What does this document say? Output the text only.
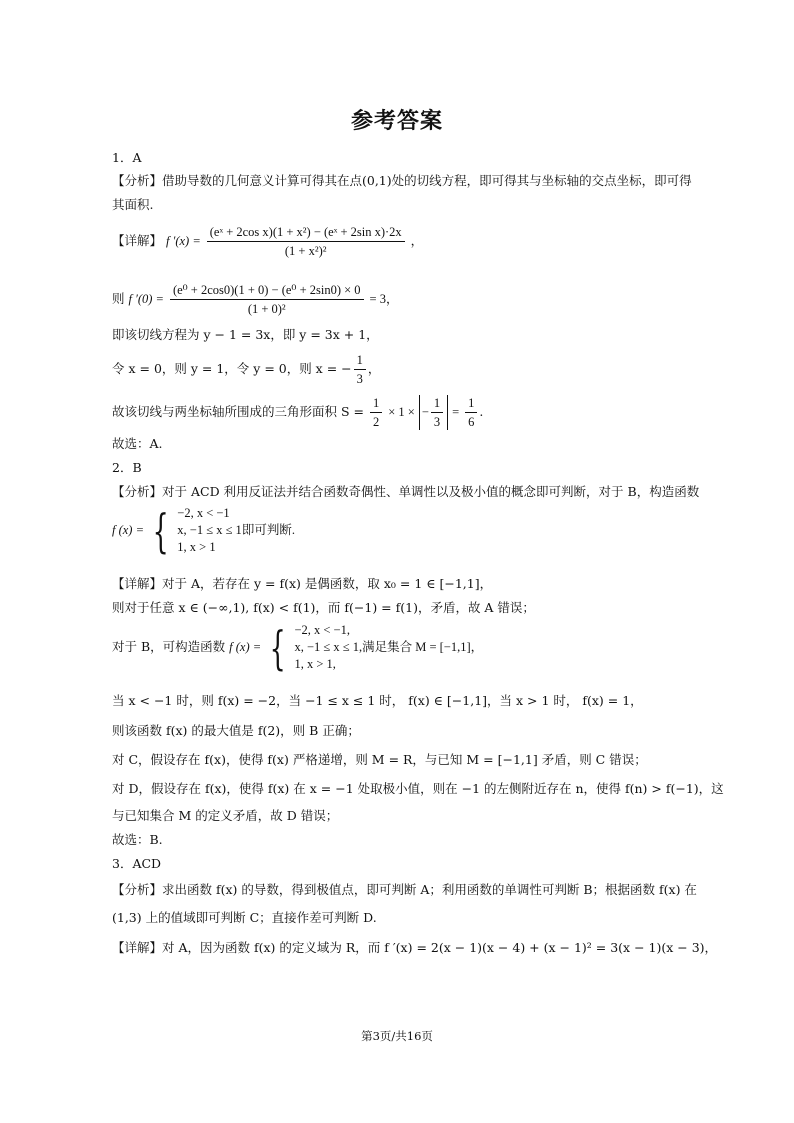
参考答案
1．A
【分析】借助导数的几何意义计算可得其在点(0,1)处的切线方程，即可得其与坐标轴的交点坐标，即可得
其面积.
【详解】 f $'(x) = \frac{\text{(eˣ + 2cos x)(1 + x²) − (eˣ + 2sin x)·2x}}{\text{(1 + x²)²}}$ ，
则 f $'(0) = \frac{\text{(e⁰ + 2cos0)(1 + 0) − (e⁰ + 2sin0) × 0}}{\text{(1 + 0)²}} = 3$，
即该切线方程为 y − 1 = 3x，即 y = 3x + 1，
令 x = 0，则 y = 1，令 y = 0，则 x = − $\frac{1}{3}$ ，
故该切线与两坐标轴所围成的三角形面积 $S = \frac{1}{2} \times 1$ × − $\frac{1}{3} = \frac{1}{6}$ .
故选：A.
2．B
【分析】对于 ACD 利用反证法并结合函数奇偶性、单调性以及极小值的概念即可判断，对于 B，构造函数
f (x) = { −2, x < −1
x, −1 ≤ x ≤ 1即可判断.
1, x > 1
【详解】对于 A，若存在 y = f(x) 是偶函数，取 x₀ = 1 ∈ [−1,1]，
则对于任意 x ∈ (−∞,1), f(x) < f(1)，而 f(−1) = f(1)，矛盾，故 A 错误；
对于 B，可构造函数 f (x) = { −2, x < −1,
x, −1 ≤ x ≤ 1,满足集合 M = [−1,1]，
1, x > 1,
当 x < −1 时，则 f(x) = −2，当 −1 ≤ x ≤ 1 时， f(x) ∈ [−1,1]，当 x > 1 时， f(x) = 1，
则该函数 f(x) 的最大值是 f(2)，则 B 正确；
对 C，假设存在 f(x)，使得 f(x) 严格递增，则 M = R，与已知 M = [−1,1] 矛盾，则 C 错误；
对 D，假设存在 f(x)，使得 f(x) 在 x = −1 处取极小值，则在 −1 的左侧附近存在 n，使得 f(n) > f(−1)，这
与已知集合 M 的定义矛盾，故 D 错误；
故选：B.
3．ACD
【分析】求出函数 f(x) 的导数，得到极值点，即可判断 A；利用函数的单调性可判断 B；根据函数 f(x) 在
(1,3) 上的值域即可判断 C；直接作差可判断 D.
【详解】对 A，因为函数 f(x) 的定义域为 R，而 f ′(x) = 2(x − 1)(x − 4) + (x − 1)² = 3(x − 1)(x − 3)，
第3页/共16页
